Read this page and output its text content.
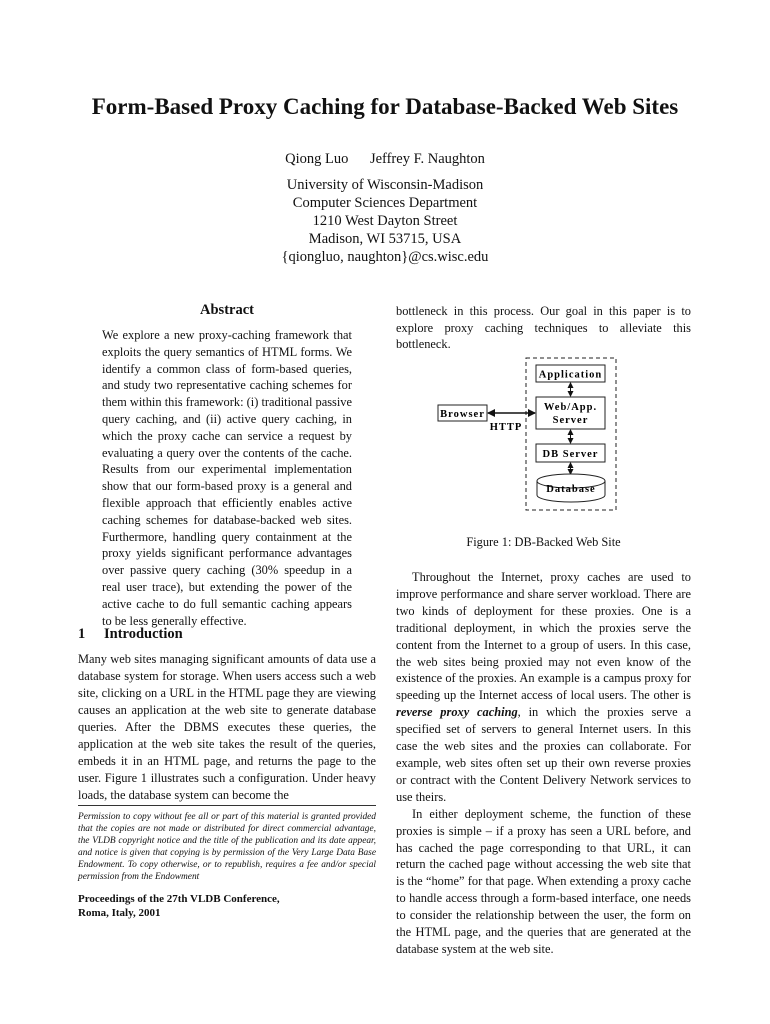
Form-Based Proxy Caching for Database-Backed Web Sites
Qiong Luo Jeffrey F. Naughton
University of Wisconsin-Madison
Computer Sciences Department
1210 West Dayton Street
Madison, WI 53715, USA
{qiongluo, naughton}@cs.wisc.edu
Abstract
We explore a new proxy-caching framework that exploits the query semantics of HTML forms. We identify a common class of form-based queries, and study two representative caching schemes for them within this framework: (i) traditional passive query caching, and (ii) active query caching, in which the proxy cache can service a request by evaluating a query over the contents of the cache. Results from our experimental implementation show that our form-based proxy is a general and flexible approach that efficiently enables active caching schemes for database-backed web sites. Furthermore, handling query containment at the proxy yields significant performance advantages over passive query caching (30% speedup in a real user trace), but extending the power of the active cache to do full semantic caching appears to be less generally effective.
1 Introduction
Many web sites managing significant amounts of data use a database system for storage. When users access such a web site, clicking on a URL in the HTML page they are viewing causes an application at the web site to generate database queries. After the DBMS executes these queries, the application at the web site takes the result of the queries, embeds it in an HTML page, and returns the page to the user. Figure 1 illustrates such a configuration. Under heavy loads, the database system can become the
Permission to copy without fee all or part of this material is granted provided that the copies are not made or distributed for direct commercial advantage, the VLDB copyright notice and the title of the publication and its date appear, and notice is given that copying is by permission of the Very Large Data Base Endowment. To copy otherwise, or to republish, requires a fee and/or special permission from the Endowment
Proceedings of the 27th VLDB Conference,
Roma, Italy, 2001
bottleneck in this process. Our goal in this paper is to explore proxy caching techniques to alleviate this bottleneck.
Browser
HTTP
Application
Web/App.
Server
DB Server
Database
Figure 1: DB-Backed Web Site

Throughout the Internet, proxy caches are used to improve performance and share server workload. There are two kinds of deployment for these proxies. One is a traditional deployment, in which the proxies serve the content from the Internet to a group of users. In this case, the web sites being proxied may not even know of the existence of the proxies. An example is a campus proxy for speeding up the Internet access of local users. The other is reverse proxy caching, in which the proxies serve a specified set of servers to general Internet users. In this case the web sites and the proxies can collaborate. For example, web sites often set up their own reverse proxies or contract with the Content Delivery Network services to use theirs.

In either deployment scheme, the function of these proxies is simple – if a proxy has seen a URL before, and has cached the page corresponding to that URL, it can return the cached page without accessing the web site that is the “home” for that page. When extending a proxy cache to handle access through a form-based interface, one needs to consider the relationship between the user, the form on the HTML page, and the queries that are generated at the database system at the web site.
